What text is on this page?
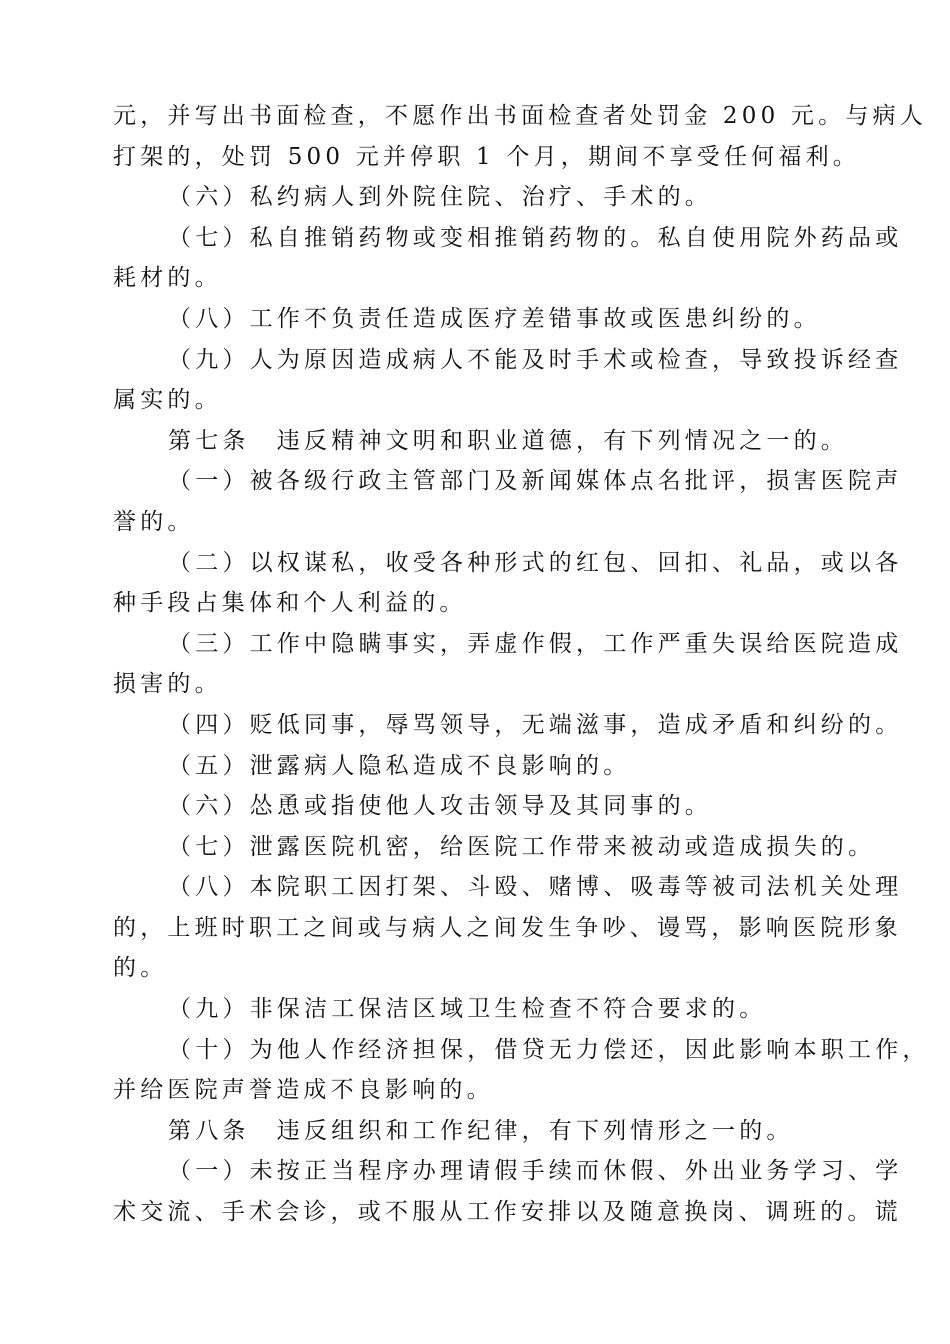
元，并写出书面检查，不愿作出书面检查者处罚金 200 元。与病人
打架的，处罚 500 元并停职 1 个月，期间不享受任何福利。
（六）私约病人到外院住院、治疗、手术的。
（七）私自推销药物或变相推销药物的。私自使用院外药品或
耗材的。
（八）工作不负责任造成医疗差错事故或医患纠纷的。
（九）人为原因造成病人不能及时手术或检查，导致投诉经查
属实的。
第七条　违反精神文明和职业道德，有下列情况之一的。
（一）被各级行政主管部门及新闻媒体点名批评，损害医院声
誉的。
（二）以权谋私，收受各种形式的红包、回扣、礼品，或以各
种手段占集体和个人利益的。
（三）工作中隐瞒事实，弄虚作假，工作严重失误给医院造成
损害的。
（四）贬低同事，辱骂领导，无端滋事，造成矛盾和纠纷的。
（五）泄露病人隐私造成不良影响的。
（六）怂恿或指使他人攻击领导及其同事的。
（七）泄露医院机密，给医院工作带来被动或造成损失的。
（八）本院职工因打架、斗殴、赌博、吸毒等被司法机关处理
的，上班时职工之间或与病人之间发生争吵、谩骂，影响医院形象
的。
（九）非保洁工保洁区域卫生检查不符合要求的。
（十）为他人作经济担保，借贷无力偿还，因此影响本职工作，
并给医院声誉造成不良影响的。
第八条　违反组织和工作纪律，有下列情形之一的。
（一）未按正当程序办理请假手续而休假、外出业务学习、学
术交流、手术会诊，或不服从工作安排以及随意换岗、调班的。谎
